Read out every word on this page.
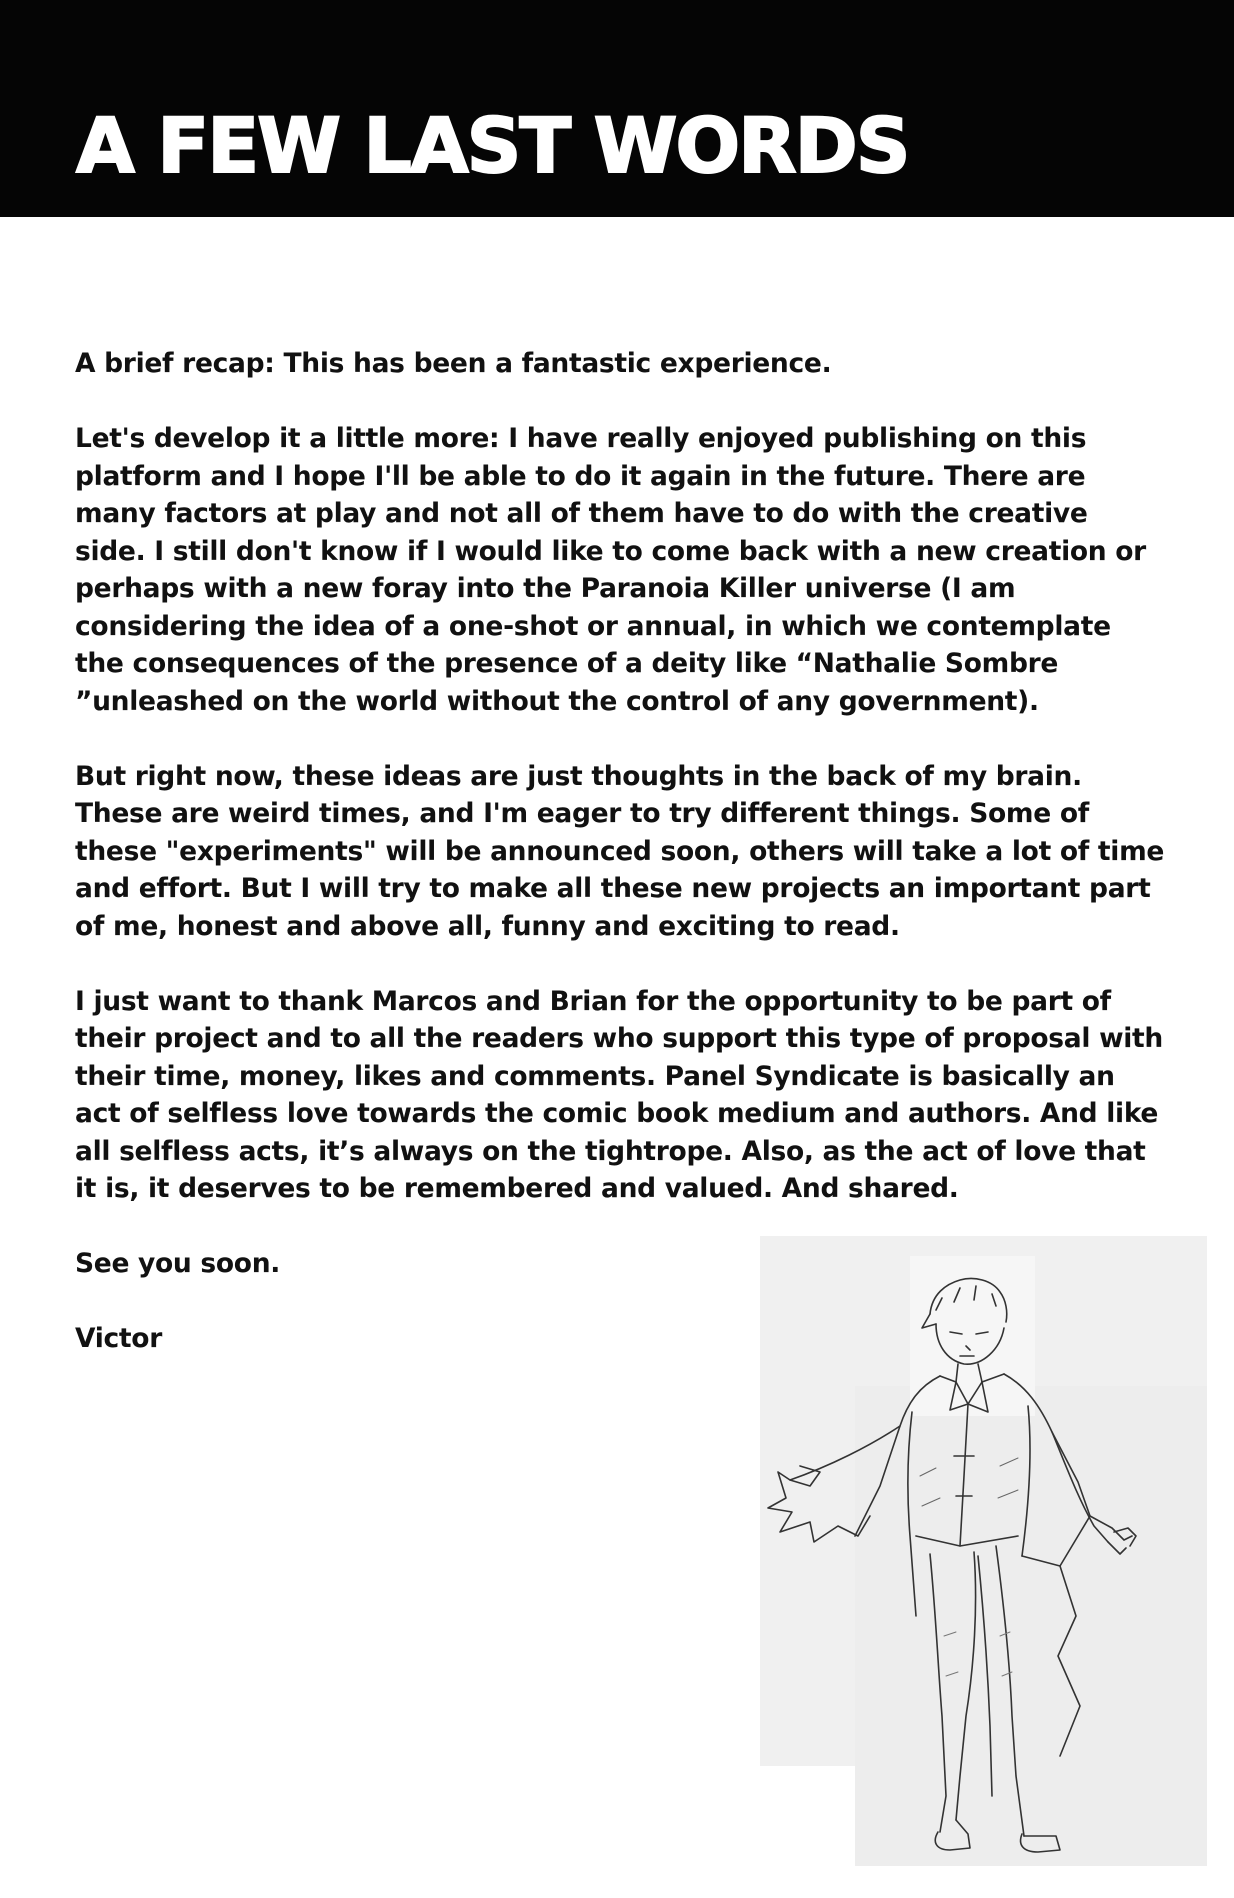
A FEW LAST WORDS

A brief recap: This has been a fantastic experience.

Let's develop it a little more: I have really enjoyed publishing on this platform and I hope I'll be able to do it again in the future. There are many factors at play and not all of them have to do with the creative side. I still don't know if I would like to come back with a new creation or perhaps with a new foray into the Paranoia Killer universe (I am considering the idea of a one-shot or annual, in which we contemplate the consequences of the presence of a deity like “Nathalie Sombre ”unleashed on the world without the control of any government).

But right now, these ideas are just thoughts in the back of my brain. These are weird times, and I'm eager to try different things. Some of these "experiments" will be announced soon, others will take a lot of time and effort. But I will try to make all these new projects an important part of me, honest and above all, funny and exciting to read.

I just want to thank Marcos and Brian for the opportunity to be part of their project and to all the readers who support this type of proposal with their time, money, likes and comments. Panel Syndicate is basically an act of selfless love towards the comic book medium and authors. And like all selfless acts, it’s always on the tightrope. Also, as the act of love that it is, it deserves to be remembered and valued. And shared.

See you soon.

Victor
